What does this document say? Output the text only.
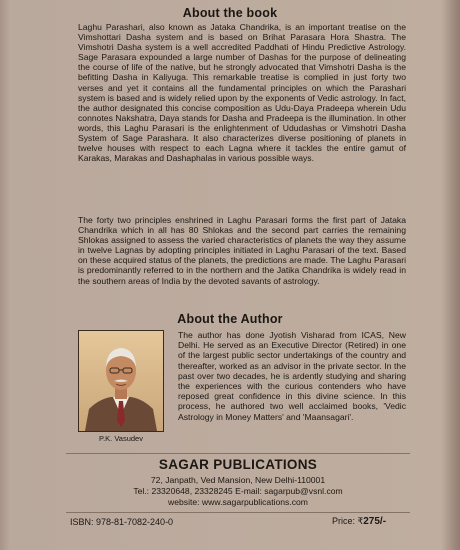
About the book

Laghu Parashari, also known as Jataka Chandrika, is an important treatise on the Vimshottari Dasha system and is based on Brihat Parasara Hora Shastra. The Vimshotri Dasha system is a well accredited Paddhati of Hindu Predictive Astrology. Sage Parasara expounded a large number of Dashas for the purpose of delineating the course of life of the native, but he strongly advocated that Vimshotri Dasha is the befitting Dasha in Kaliyuga. This remarkable treatise is complied in just forty two verses and yet it contains all the fundamental principles on which the Parashari system is based and is widely relied upon by the exponents of Vedic astrology. In fact, the author designated this concise composition as Udu-Daya Pradeepa wherein Udu connotes Nakshatra, Daya stands for Dasha and Pradeepa is the illumination. In other words, this Laghu Parasari is the enlightenment of Ududashas or Vimshotri Dasha System of Sage Parashara. It also characterizes diverse positioning of planets in twelve houses with respect to each Lagna where it tackles the entire gamut of Karakas, Marakas and Dashaphalas in various possible ways.

The forty two principles enshrined in Laghu Parasari forms the first part of Jataka Chandrika which in all has 80 Shlokas and the second part carries the remaining Shlokas assigned to assess the varied characteristics of planets the way they assume in twelve Lagnas by adopting principles initiated in Laghu Parasari of the text. Based on these acquired status of the planets, the predictions are made. The Laghu Parasari is predominantly referred to in the northern and the Jatika Chandrika is widely read in the southern areas of India by the devoted savants of astrology.

About the Author
P.K. Vasudev

The author has done Jyotish Visharad from ICAS, New Delhi. He served as an Executive Director (Retired) in one of the largest public sector undertakings of the country and thereafter, worked as an advisor in the private sector. In the past over two decades, he is ardently studying and sharing the experiences with the curious contenders who have reposed great confidence in this divine science. In this process, he authored two well acclaimed books, 'Vedic Astrology in Money Matters' and 'Maansagari'.

SAGAR PUBLICATIONS
72, Janpath, Ved Mansion, New Delhi-110001
Tel.: 23320648, 23328245 E-mail: sagarpub@vsnl.com
website: www.sagarpublications.com
ISBN: 978-81-7082-240-0	Price: ₹275/-
